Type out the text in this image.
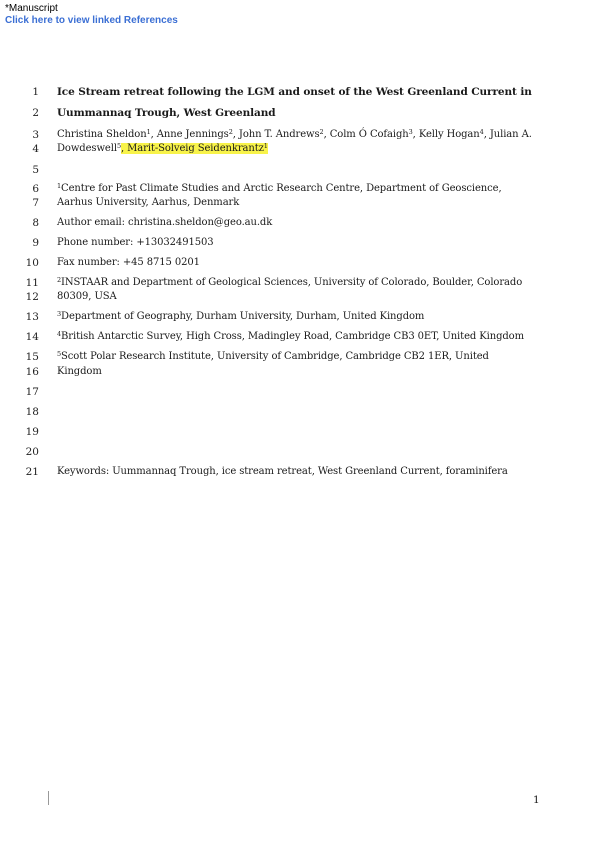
*Manuscript
Click here to view linked References
1 Ice Stream retreat following the LGM and onset of the West Greenland Current in
2 Uummannaq Trough, West Greenland
3 Christina Sheldon$^1$, Anne Jennings$^2$, John T. Andrews$^2$, Colm Ó Cofaigh$^3$, Kelly Hogan$^4$, Julian A.
4 Dowdeswell$^5$, Marit-Solveig Seidenkrantz$^1$
5
6	$^1$Centre for Past Climate Studies and Arctic Research Centre, Department of Geoscience,
7 Aarhus University, Aarhus, Denmark
8 Author email: christina.sheldon@geo.au.dk
9 Phone number: +13032491503
10 Fax number: +45 8715 0201
11	$^2$INSTAAR and Department of Geological Sciences, University of Colorado, Boulder, Colorado
12 80309, USA
13	$^3$Department of Geography, Durham University, Durham, United Kingdom
14	$^4$British Antarctic Survey, High Cross, Madingley Road, Cambridge CB3 0ET, United Kingdom
15	$^5$Scott Polar Research Institute, University of Cambridge, Cambridge CB2 1ER, United
16 Kingdom
17
18
19
20
21 Keywords: Uummannaq Trough, ice stream retreat, West Greenland Current, foraminifera
1
